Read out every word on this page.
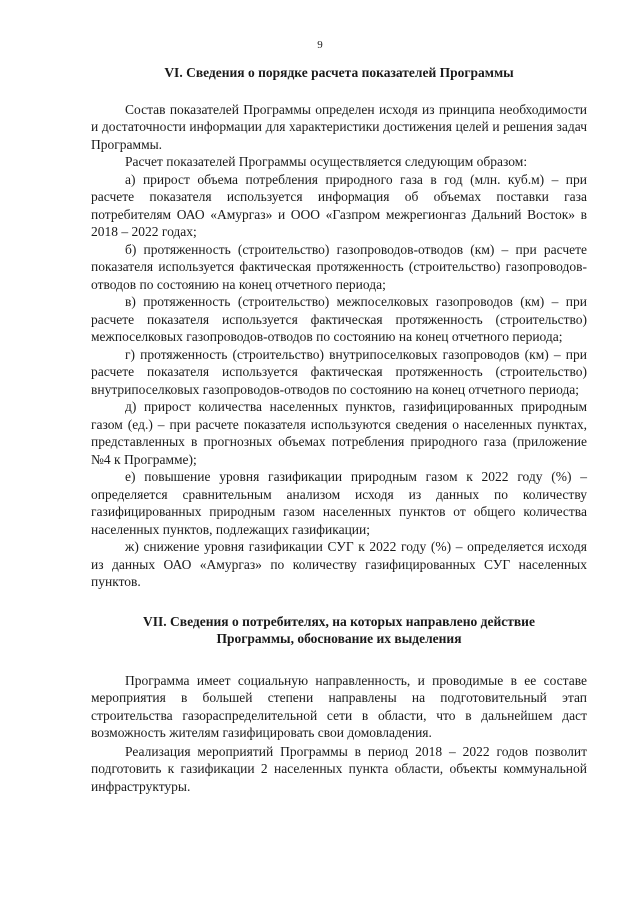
9
VI. Сведения о порядке расчета показателей Программы

Состав показателей Программы определен исходя из принципа необходимости и достаточности информации для характеристики достижения целей и решения задач Программы.

Расчет показателей Программы осуществляется следующим образом:

а) прирост объема потребления природного газа в год (млн. куб.м) – при расчете показателя используется информация об объемах поставки газа потребителям ОАО «Амургаз» и ООО «Газпром межрегионгаз Дальний Восток» в 2018 – 2022 годах;

б) протяженность (строительство) газопроводов-отводов (км) – при расчете показателя используется фактическая протяженность (строительство) газопроводов-отводов по состоянию на конец отчетного периода;

в) протяженность (строительство) межпоселковых газопроводов (км) – при расчете показателя используется фактическая протяженность (строительство) межпоселковых газопроводов-отводов по состоянию на конец отчетного периода;

г) протяженность (строительство) внутрипоселковых газопроводов (км) – при расчете показателя используется фактическая протяженность (строительство) внутрипоселковых газопроводов-отводов по состоянию на конец отчетного периода;

д) прирост количества населенных пунктов, газифицированных природным газом (ед.) – при расчете показателя используются сведения о населенных пунктах, представленных в прогнозных объемах потребления природного газа (приложение №4 к Программе);

е) повышение уровня газификации природным газом к 2022 году (%) – определяется сравнительным анализом исходя из данных по количеству газифицированных природным газом населенных пунктов от общего количества населенных пунктов, подлежащих газификации;

ж) снижение уровня газификации СУГ к 2022 году (%) – определяется исходя из данных ОАО «Амургаз» по количеству газифицированных СУГ населенных пунктов.

VII. Сведения о потребителях, на которых направлено действие
Программы, обоснование их выделения

Программа имеет социальную направленность, и проводимые в ее составе мероприятия в большей степени направлены на подготовительный этап строительства газораспределительной сети в области, что в дальнейшем даст возможность жителям газифицировать свои домовладения.

Реализация мероприятий Программы в период 2018 – 2022 годов позволит подготовить к газификации 2 населенных пункта области, объекты коммунальной инфраструктуры.
